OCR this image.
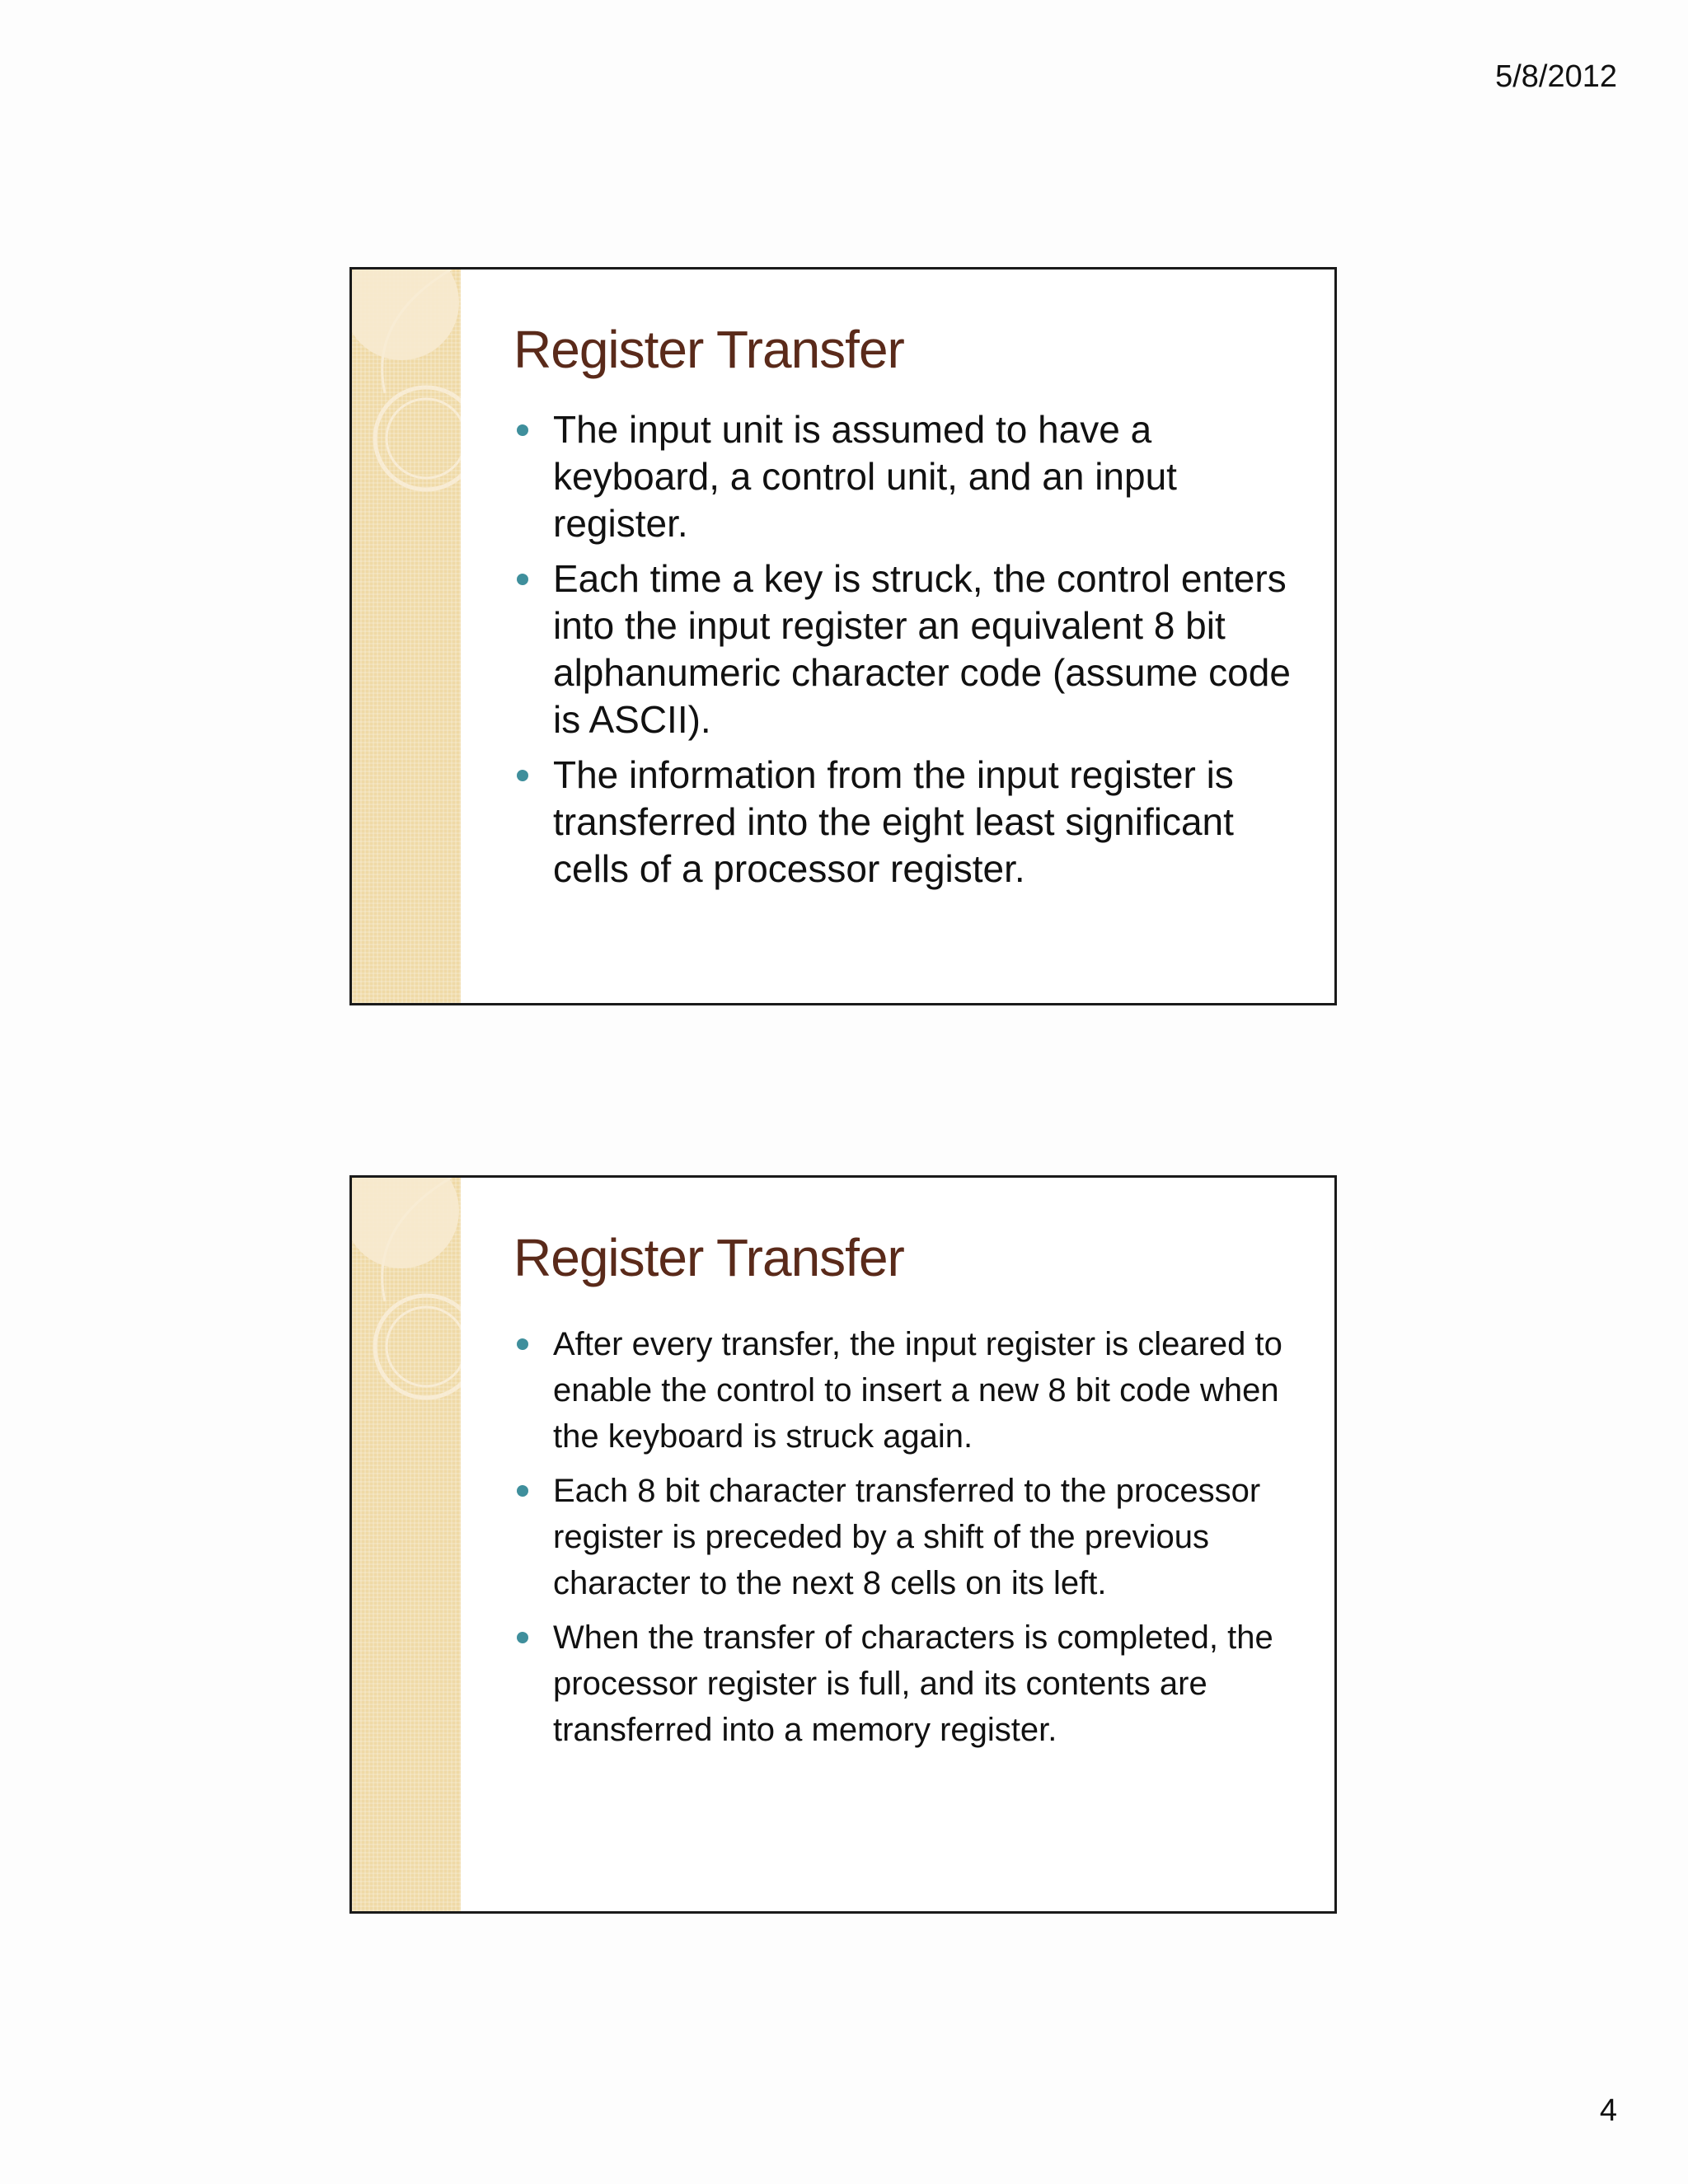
5/8/2012
Register Transfer
The input unit is assumed to have a keyboard, a control unit, and an input register.
Each time a key is struck, the control enters into the input register an equivalent 8 bit alphanumeric character code (assume code is ASCII).
The information from the input register is transferred into the eight least significant cells of a processor register.
Register Transfer
After every transfer, the input register is cleared to enable the control to insert a new 8 bit code when the keyboard is struck again.
Each 8 bit character transferred to the processor register is preceded by a shift of the previous character to the next 8 cells on its left.
When the transfer of characters is completed, the processor register is full, and its contents are transferred into a memory register.
4
